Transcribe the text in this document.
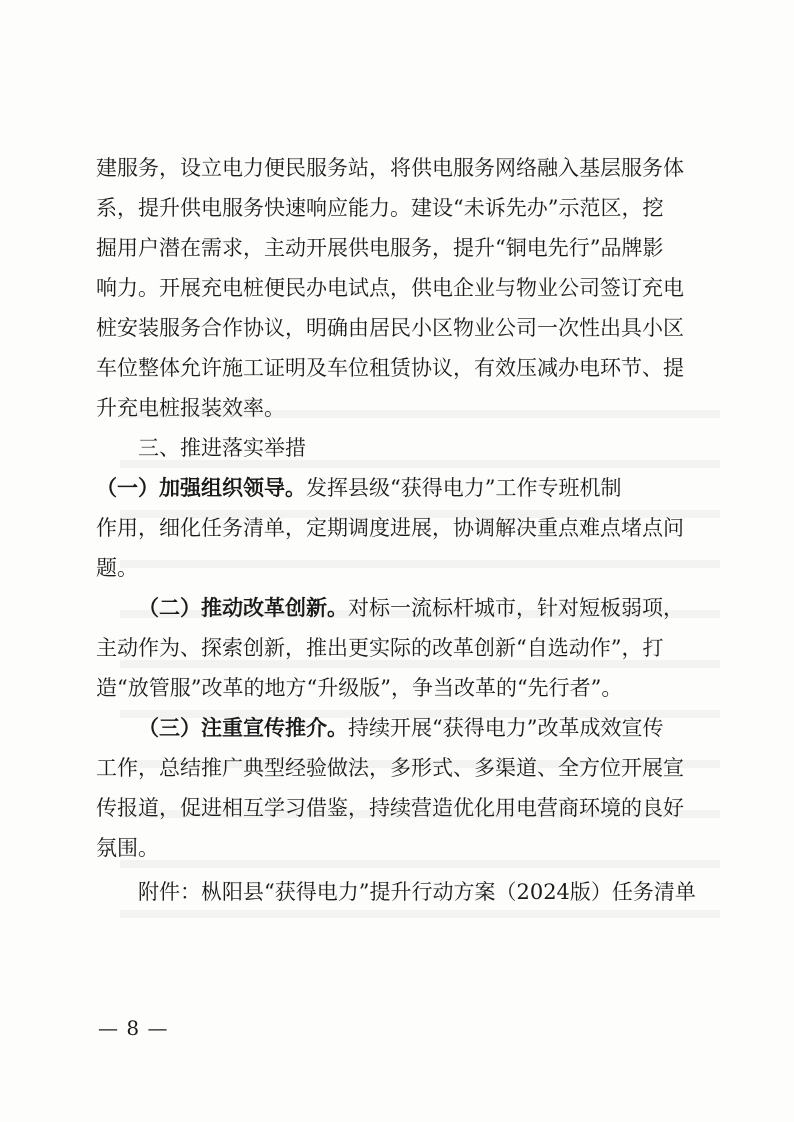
建服务，设立电力便民服务站，将供电服务网络融入基层服务体
系，提升供电服务快速响应能力。建设“未诉先办”示范区，挖
掘用户潜在需求，主动开展供电服务，提升“铜电先行”品牌影
响力。开展充电桩便民办电试点，供电企业与物业公司签订充电
桩安装服务合作协议，明确由居民小区物业公司一次性出具小区
车位整体允许施工证明及车位租赁协议，有效压减办电环节、提
升充电桩报装效率。

三、推进落实举措

（一）加强组织领导。发挥县级“获得电力”工作专班机制
作用，细化任务清单，定期调度进展，协调解决重点难点堵点问
题。

（二）推动改革创新。对标一流标杆城市，针对短板弱项，
主动作为、探索创新，推出更实际的改革创新“自选动作”，打
造“放管服”改革的地方“升级版”，争当改革的“先行者”。

（三）注重宣传推介。持续开展“获得电力”改革成效宣传
工作，总结推广典型经验做法，多形式、多渠道、全方位开展宣
传报道，促进相互学习借鉴，持续营造优化用电营商环境的良好
氛围。

附件：枞阳县“获得电力”提升行动方案（2024版）任务清单
— 8 —
